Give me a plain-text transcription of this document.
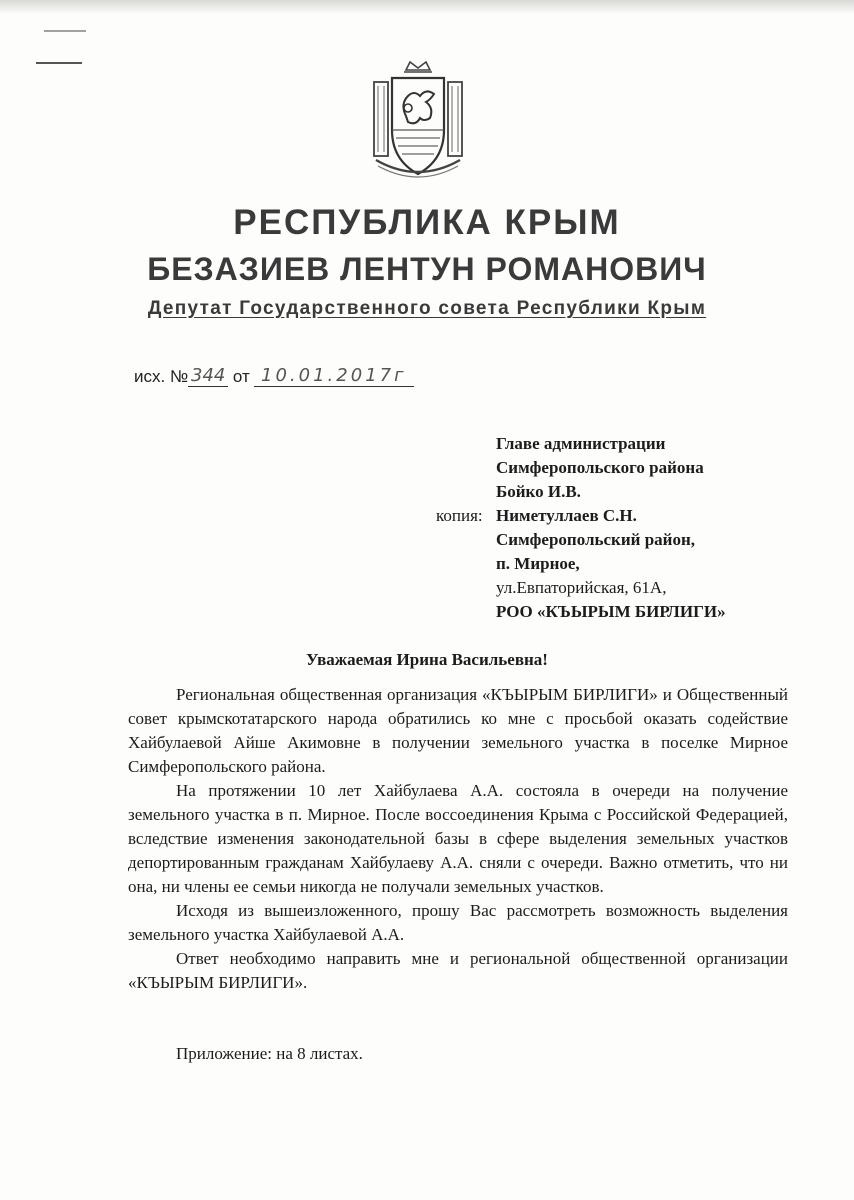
РЕСПУБЛИКА КРЫМ
БЕЗАЗИЕВ ЛЕНТУН РОМАНОВИЧ
Депутат Государственного совета Республики Крым
исх. № 344 от 10.01.2017г
Главе администрации
Симферопольского района
Бойко И.В.
Ниметуллаев С.Н.
Симферопольский район,
п. Мирное,
ул.Евпаторийская, 61А,
РОО «КЪЫРЫМ БИРЛИГИ»
копия:
Уважаемая Ирина Васильевна!

Региональная общественная организация «КЪЫРЫМ БИРЛИГИ» и Общественный совет крымскотатарского народа обратились ко мне с просьбой оказать содействие Хайбулаевой Айше Акимовне в получении земельного участка в поселке Мирное Симферопольского района.

На протяжении 10 лет Хайбулаева А.А. состояла в очереди на получение земельного участка в п. Мирное. После воссоединения Крыма с Российской Федерацией, вследствие изменения законодательной базы в сфере выделения земельных участков депортированным гражданам Хайбулаеву А.А. сняли с очереди. Важно отметить, что ни она, ни члены ее семьи никогда не получали земельных участков.

Исходя из вышеизложенного, прошу Вас рассмотреть возможность выделения земельного участка Хайбулаевой А.А.

Ответ необходимо направить мне и региональной общественной организации «КЪЫРЫМ БИРЛИГИ».

Приложение: на 8 листах.
